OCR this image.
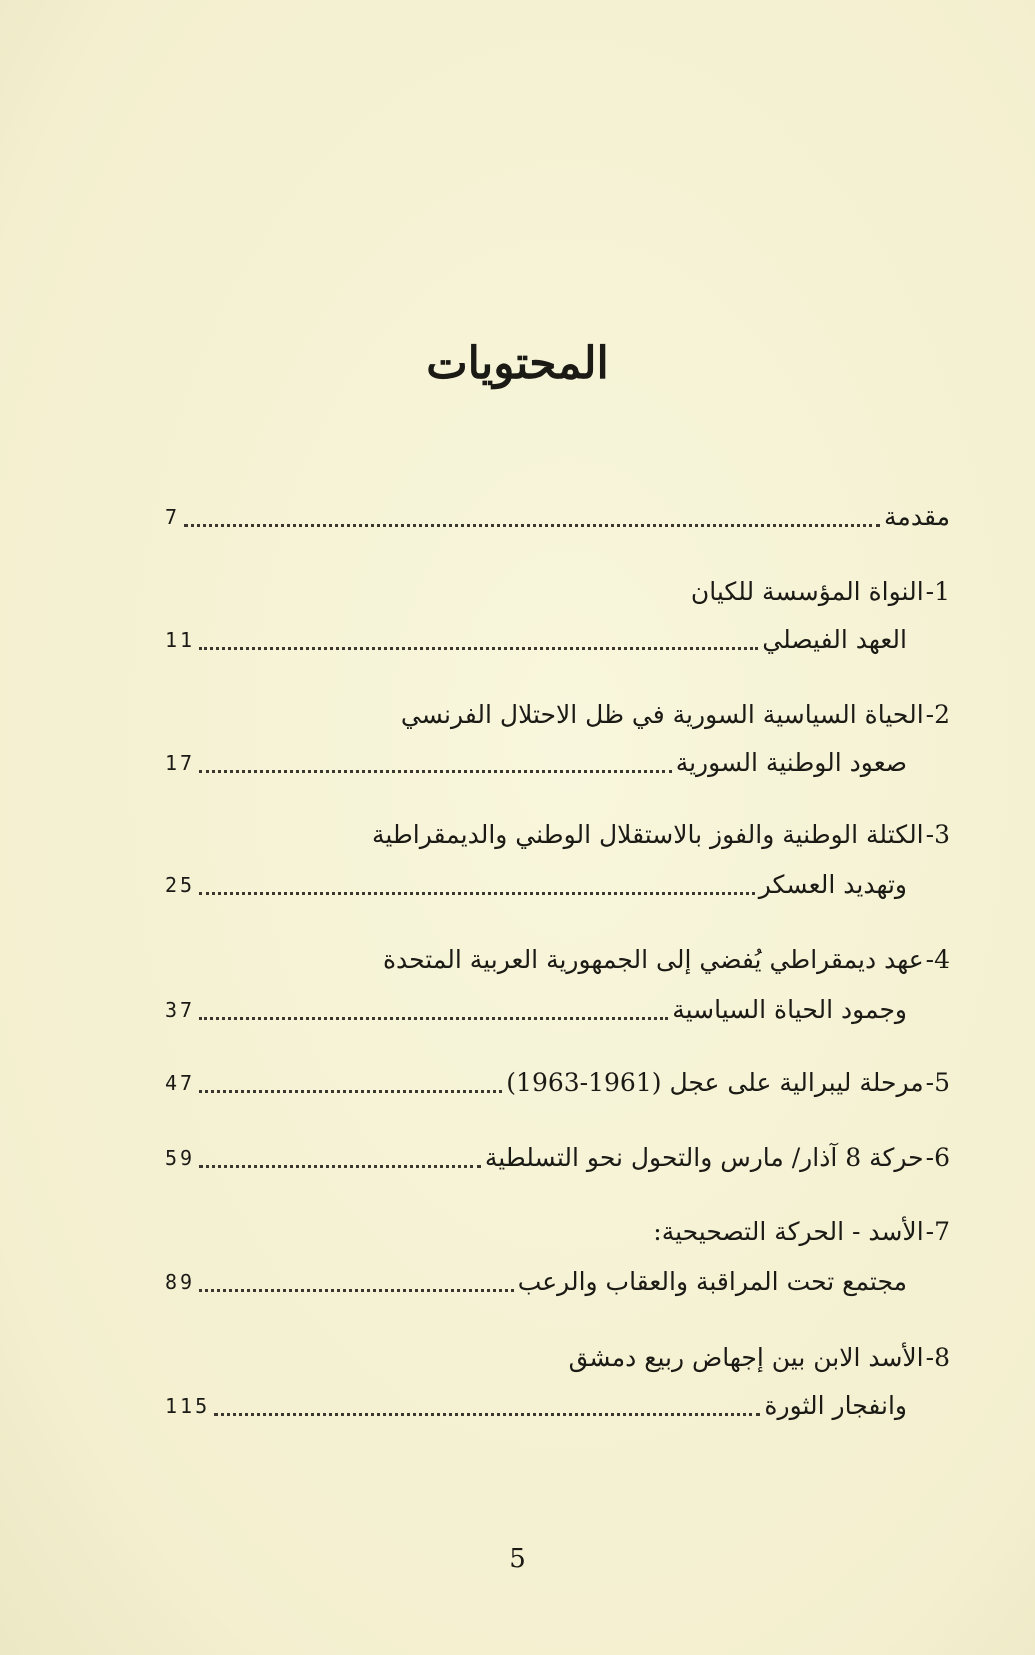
المحتويات
مقدمة
7
1-
النواة المؤسسة للكيان
العهد الفيصلي
11
2-
الحياة السياسية السورية في ظل الاحتلال الفرنسي
صعود الوطنية السورية
17
3-
الكتلة الوطنية والفوز بالاستقلال الوطني والديمقراطية
وتهديد العسكر
25
4-
عهد ديمقراطي يُفضي إلى الجمهورية العربية المتحدة
وجمود الحياة السياسية
37
5-
مرحلة ليبرالية على عجل (1961-1963)
47
6-
حركة 8 آذار/ مارس والتحول نحو التسلطية
59
7-
الأسد - الحركة التصحيحية:
مجتمع تحت المراقبة والعقاب والرعب
89
8-
الأسد الابن بين إجهاض ربيع دمشق
وانفجار الثورة
115
5
